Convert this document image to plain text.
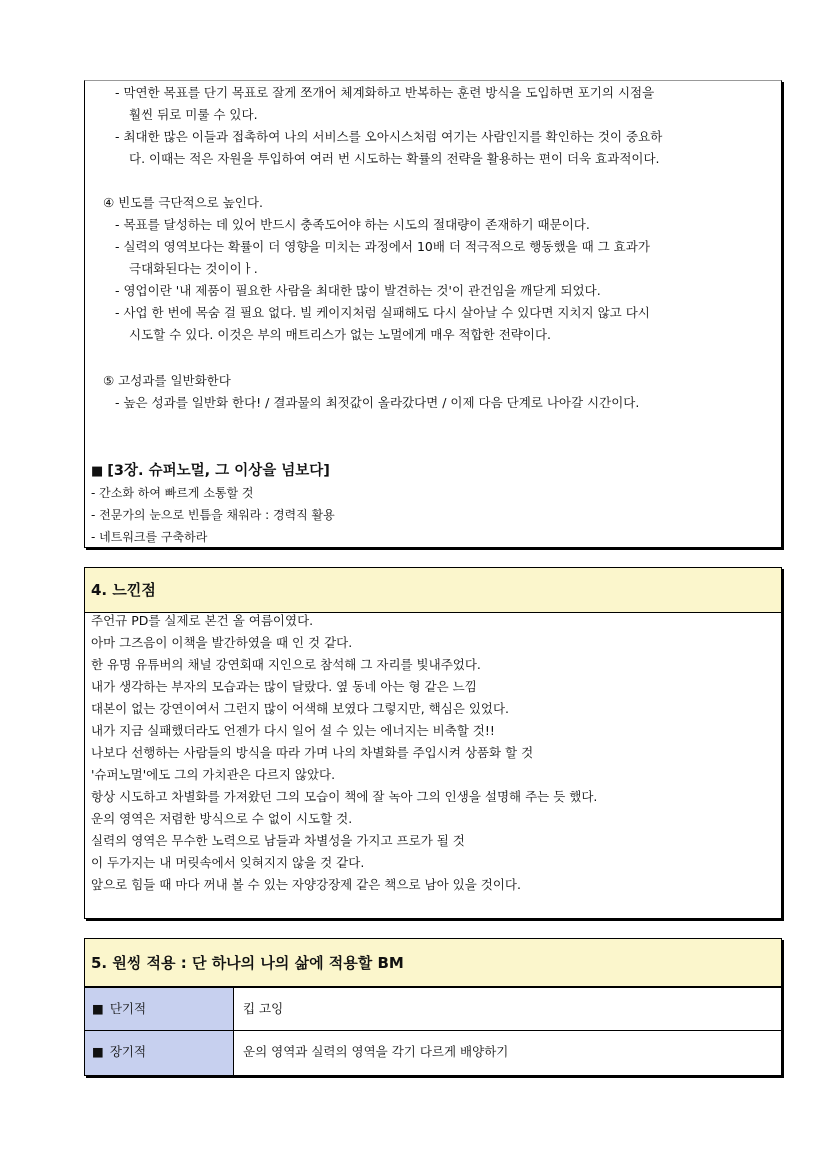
- 막연한 목표를 단기 목표로 잘게 쪼개어 체계화하고 반복하는 훈련 방식을 도입하면 포기의 시점을
훨씬 뒤로 미룰 수 있다.
- 최대한 많은 이들과 접촉하여 나의 서비스를 오아시스처럼 여기는 사람인지를 확인하는 것이 중요하
다. 이때는 적은 자원을 투입하여 여러 번 시도하는 확률의 전략을 활용하는 편이 더욱 효과적이다.
④ 빈도를 극단적으로 높인다.
- 목표를 달성하는 데 있어 반드시 충족도어야 하는 시도의 절대량이 존재하기 때문이다.
- 실력의 영역보다는 확률이 더 영향을 미치는 과정에서 10배 더 적극적으로 행동했을 때 그 효과가
극대화된다는 것이이ㅏ.
- 영업이란 '내 제품이 필요한 사람을 최대한 많이 발견하는 것'이 관건임을 깨닫게 되었다.
- 사업 한 번에 목숨 걸 필요 없다. 빌 케이지처럼 실패해도 다시 살아날 수 있다면 지치지 않고 다시
시도할 수 있다. 이것은 부의 매트리스가 없는 노멀에게 매우 적합한 전략이다.
⑤ 고성과를 일반화한다
- 높은 성과를 일반화 한다! / 결과물의 최젓값이 올라갔다면 / 이제 다음 단계로 나아갈 시간이다.
■ [3장. 슈퍼노멀, 그 이상을 넘보다]
- 간소화 하여 빠르게 소통할 것
- 전문가의 눈으로 빈틈을 채워라 : 경력직 활용
- 네트워크를 구축하라
4. 느낀점
주언규 PD를 실제로 본건 올 여름이였다.
아마 그즈음이 이책을 발간하였을 때 인 것 같다.
한 유명 유튜버의 채널 강연회때 지인으로 참석해 그 자리를 빛내주었다.
내가 생각하는 부자의 모습과는 많이 달랐다. 옆 동네 아는 형 같은 느낌
대본이 없는 강연이여서 그런지 많이 어색해 보였다 그렇지만, 핵심은 있었다.
내가 지금 실패했더라도 언젠가 다시 일어 설 수 있는 에너지는 비축할 것!!
나보다 선행하는 사람들의 방식을 따라 가며 나의 차별화를 주입시켜 상품화 할 것
'슈퍼노멀'에도 그의 가치관은 다르지 않았다.
항상 시도하고 차별화를 가져왔던 그의 모습이 책에 잘 녹아 그의 인생을 설명해 주는 듯 했다.
운의 영역은 저렴한 방식으로 수 없이 시도할 것.
실력의 영역은 무수한 노력으로 남들과 차별성을 가지고 프로가 될 것
이 두가지는 내 머릿속에서 잊혀지지 않을 것 같다.
앞으로 힘들 때 마다 꺼내 볼 수 있는 자양강장제 같은 책으로 남아 있을 것이다.
5. 원씽 적용 : 단 하나의 나의 삶에 적용할 BM
■ 단기적	킵 고잉
■ 장기적	운의 영역과 실력의 영역을 각기 다르게 배양하기
